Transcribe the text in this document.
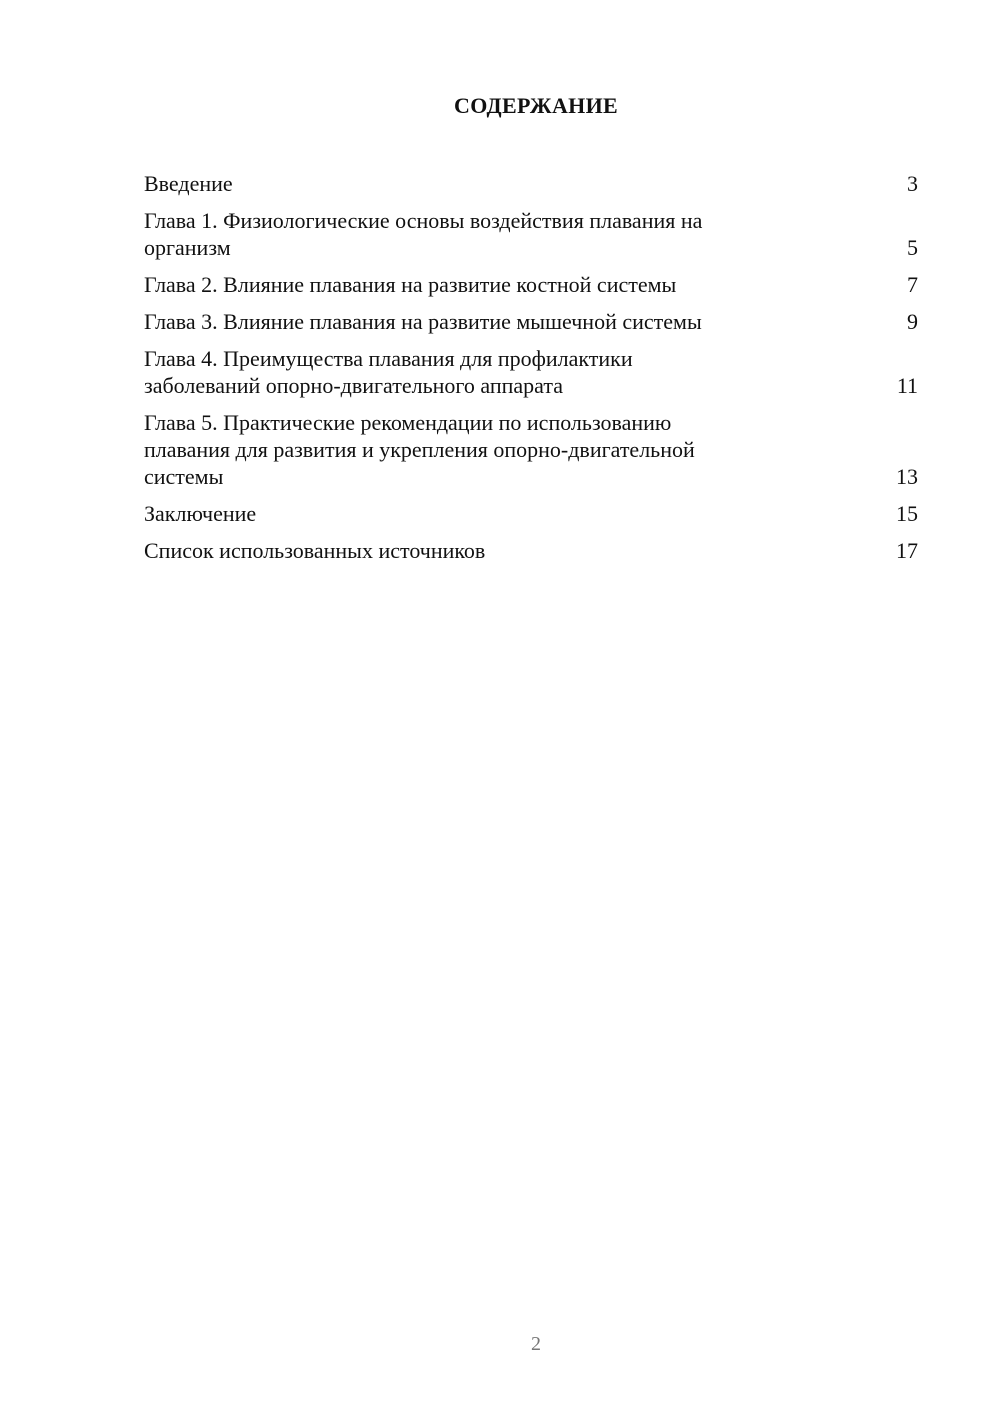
СОДЕРЖАНИЕ
Введение	3
Глава 1. Физиологические основы воздействия плавания на
организм	5
Глава 2. Влияние плавания на развитие костной системы	7
Глава 3. Влияние плавания на развитие мышечной системы	9
Глава 4. Преимущества плавания для профилактики
заболеваний опорно-двигательного аппарата	11
Глава 5. Практические рекомендации по использованию
плавания для развития и укрепления опорно-двигательной
системы	13
Заключение	15
Список использованных источников	17
2
